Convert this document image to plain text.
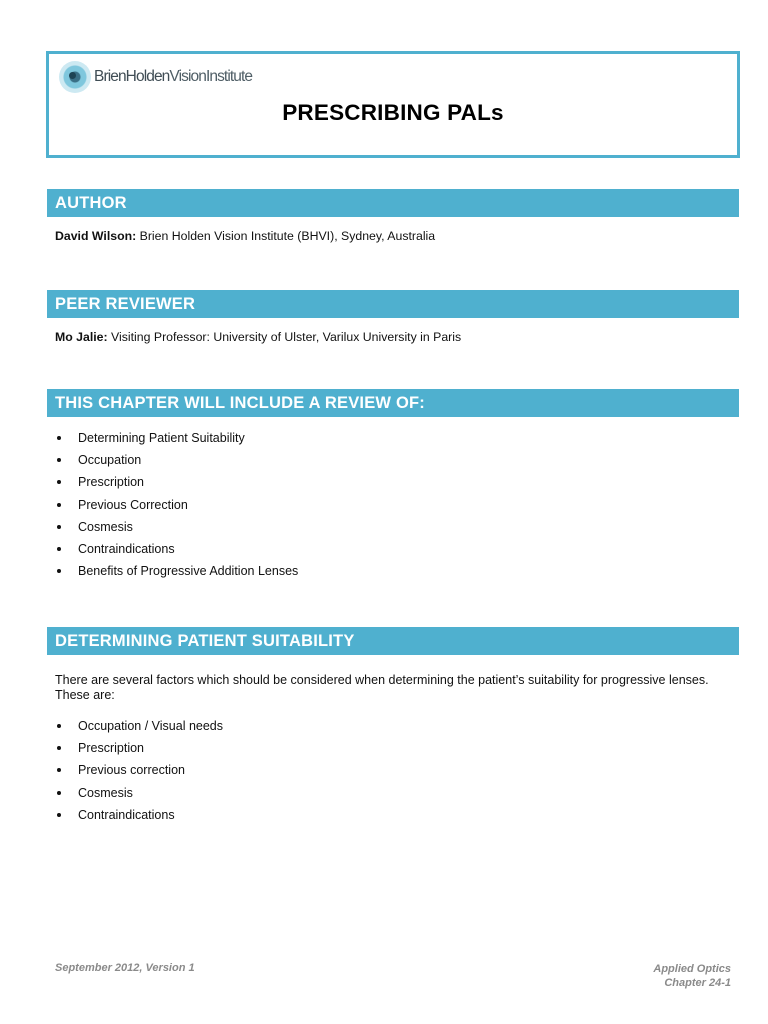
BrienHoldenVisionInstitute
PRESCRIBING PALs
AUTHOR
David Wilson: Brien Holden Vision Institute (BHVI), Sydney, Australia
PEER REVIEWER
Mo Jalie: Visiting Professor: University of Ulster, Varilux University in Paris
THIS CHAPTER WILL INCLUDE A REVIEW OF:
Determining Patient Suitability
Occupation
Prescription
Previous Correction
Cosmesis
Contraindications
Benefits of Progressive Addition Lenses
DETERMINING PATIENT SUITABILITY
There are several factors which should be considered when determining the patient’s suitability for progressive lenses. These are:
Occupation / Visual needs
Prescription
Previous correction
Cosmesis
Contraindications
September 2012, Version 1	Applied Optics
Chapter 24-1
